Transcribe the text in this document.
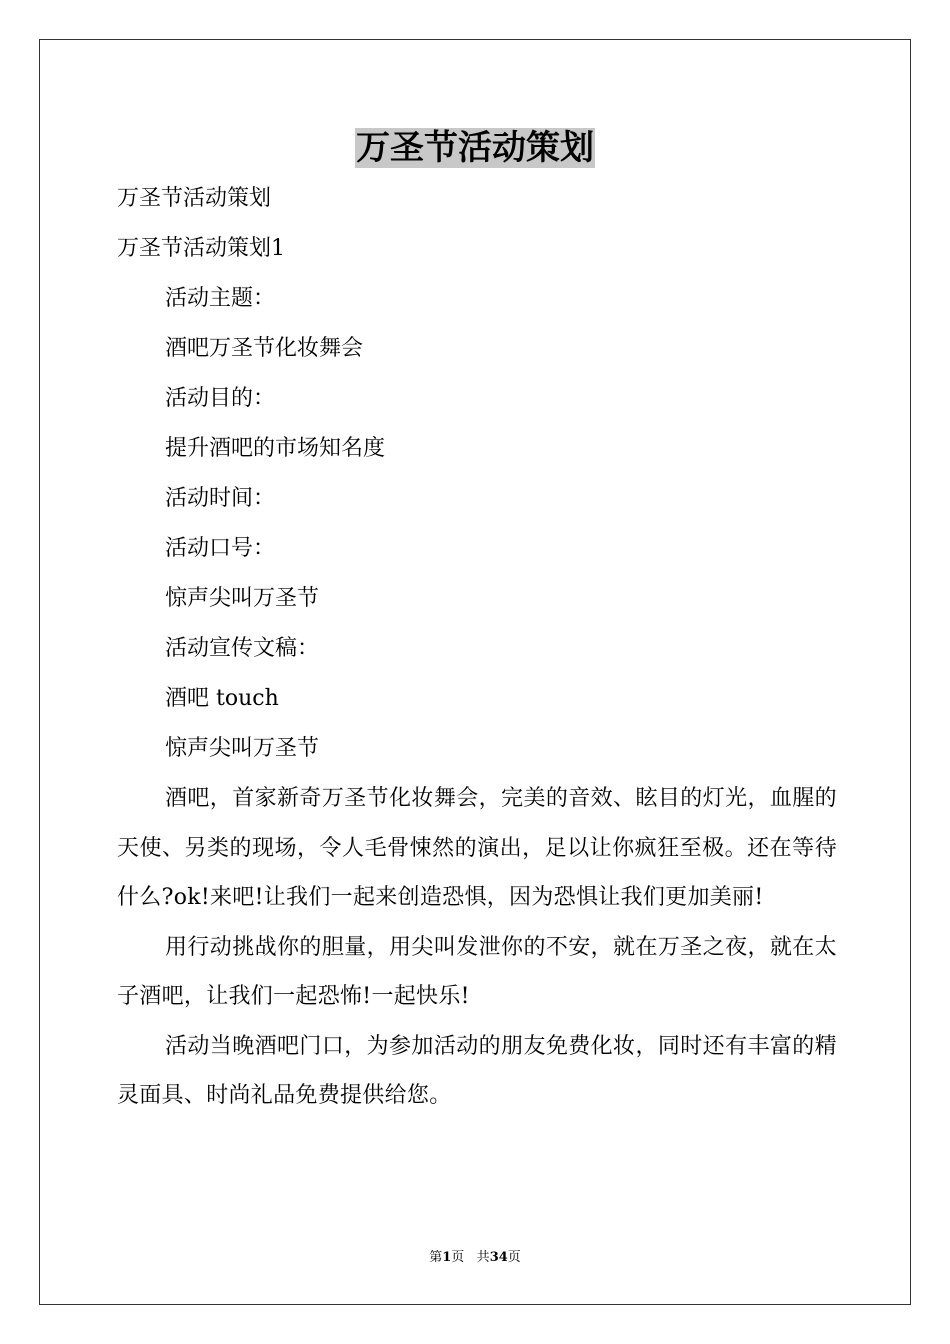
万圣节活动策划
万圣节活动策划
万圣节活动策划1
活动主题：
酒吧万圣节化妆舞会
活动目的：
提升酒吧的市场知名度
活动时间：
活动口号：
惊声尖叫万圣节
活动宣传文稿：
酒吧 touch
惊声尖叫万圣节
酒吧，首家新奇万圣节化妆舞会，完美的音效、眩目的灯光，血腥的天使、另类的现场，令人毛骨悚然的演出，足以让你疯狂至极。还在等待什么?ok!来吧!让我们一起来创造恐惧，因为恐惧让我们更加美丽!
用行动挑战你的胆量，用尖叫发泄你的不安，就在万圣之夜，就在太子酒吧，让我们一起恐怖!一起快乐!
活动当晚酒吧门口，为参加活动的朋友免费化妆，同时还有丰富的精灵面具、时尚礼品免费提供给您。
第1页 共34页
